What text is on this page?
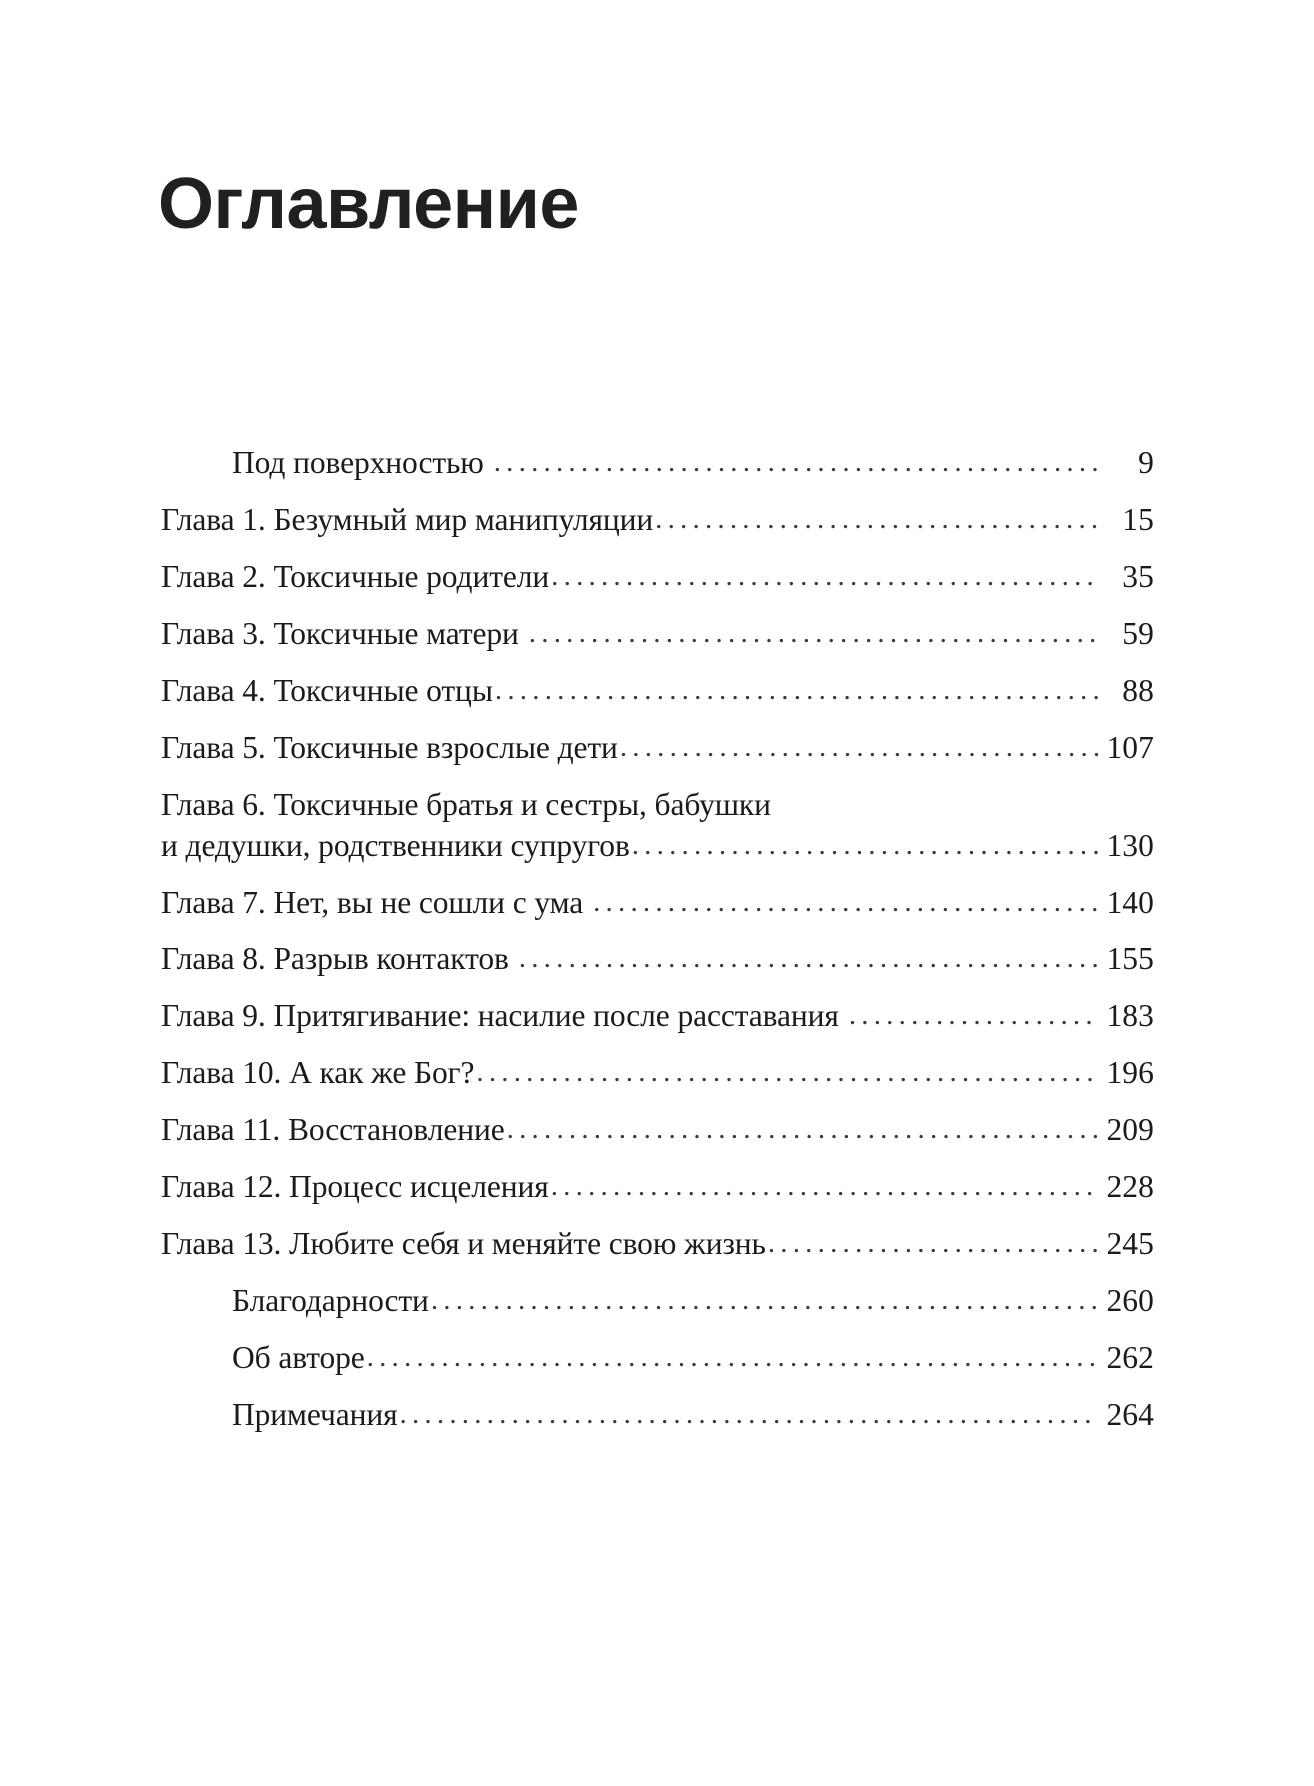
Оглавление
Под поверхностью .....	9
Глава 1. Безумный мир манипуляции .....	15
Глава 2. Токсичные родители .....	35
Глава 3. Токсичные матери .....	59
Глава 4. Токсичные отцы .....	88
Глава 5. Токсичные взрослые дети .....	107
Глава 6. Токсичные братья и сестры, бабушки
и дедушки, родственники супругов .....	130
Глава 7. Нет, вы не сошли с ума .....	140
Глава 8. Разрыв контактов .....	155
Глава 9. Притягивание: насилие после расставания .....	183
Глава 10. А как же Бог? .....	196
Глава 11. Восстановление .....	209
Глава 12. Процесс исцеления .....	228
Глава 13. Любите себя и меняйте свою жизнь .....	245
Благодарности .....	260
Об авторе .....	262
Примечания .....	264
